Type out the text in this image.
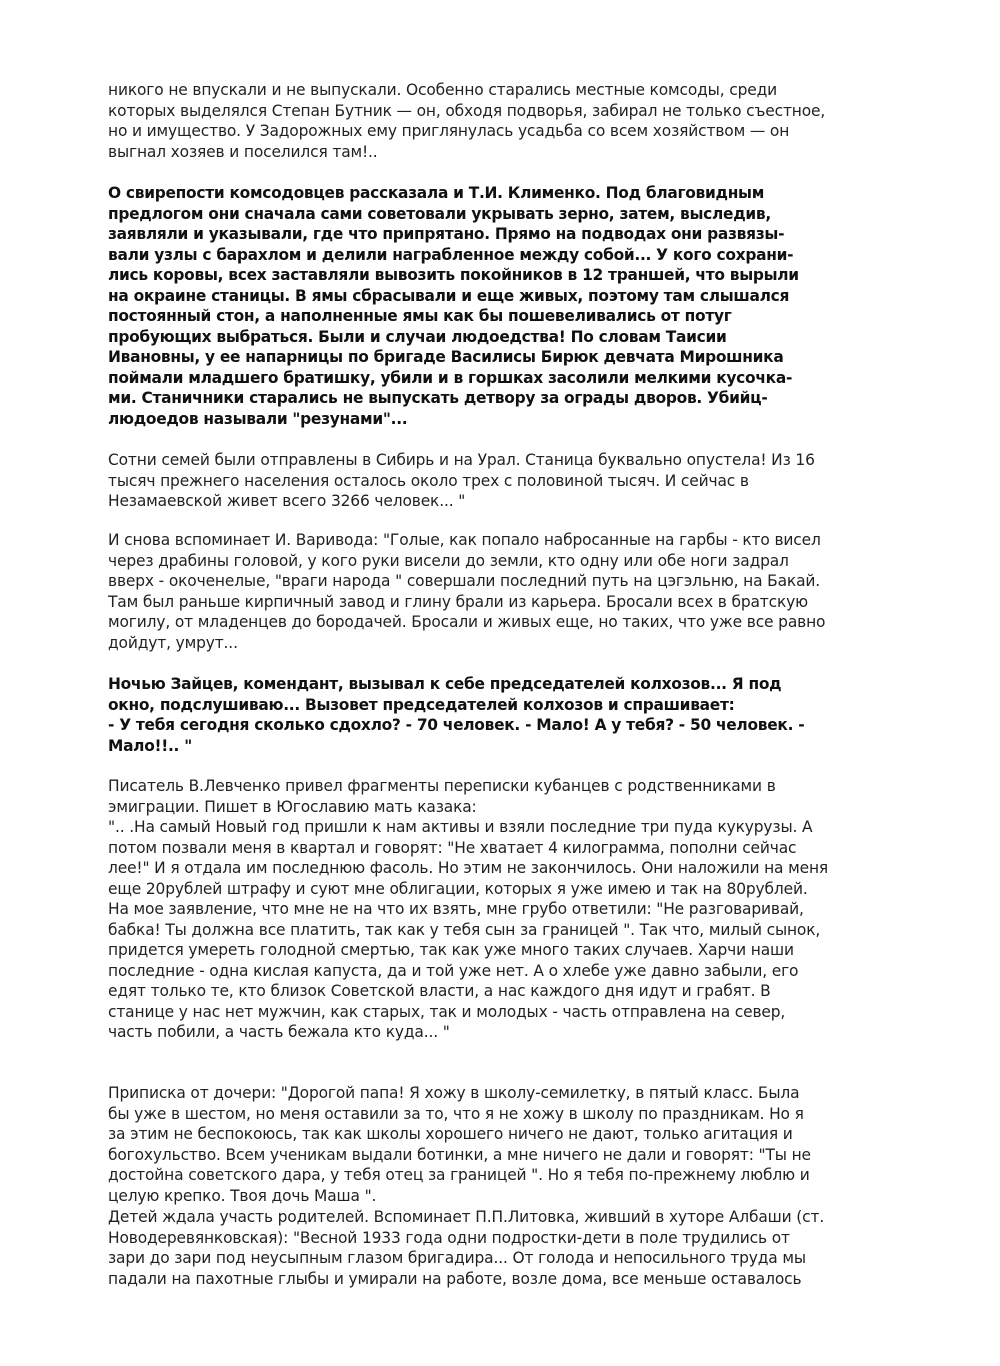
никого не впускали и не выпускали. Особенно старались местные комсоды, среди
которых выделялся Степан Бутник — он, обходя подворья, забирал не только съестное,
но и имущество. У Задорожных ему приглянулась усадьба со всем хозяйством — он
выгнал хозяев и поселился там!..
О свирепости комсодовцев рассказала и Т.И. Клименко. Под благовидным
предлогом они сначала сами советовали укрывать зерно, затем, выследив,
заявляли и указывали, где что припрятано. Прямо на подводах они развязы-
вали узлы с барахлом и делили награбленное между собой... У кого сохрани-
лись коровы, всех заставляли вывозить покойников в 12 траншей, что вырыли
на окраине станицы. В ямы сбрасывали и еще живых, поэтому там слышался
постоянный стон, а наполненные ямы как бы пошевеливались от потуг
пробующих выбраться. Были и случаи людоедства! По словам Таисии
Ивановны, у ее напарницы по бригаде Василисы Бирюк девчата Мирошника
поймали младшего братишку, убили и в горшках засолили мелкими кусочка-
ми. Станичники старались не выпускать детвору за ограды дворов. Убийц-
людоедов называли "резунами"...
Сотни семей были отправлены в Сибирь и на Урал. Станица буквально опустела! Из 16
тысяч прежнего населения осталось около трех с половиной тысяч. И сейчас в
Незамаевской живет всего 3266 человек... "
И снова вспоминает И. Варивода: "Голые, как попало набросанные на гарбы - кто висел
через драбины головой, у кого руки висели до земли, кто одну или обе ноги задрал
вверх - окоченелые, "враги народа " совершали последний путь на цэгэльню, на Бакай.
Там был раньше кирпичный завод и глину брали из карьера. Бросали всех в братскую
могилу, от младенцев до бородачей. Бросали и живых еще, но таких, что уже все равно
дойдут, умрут...
Ночью Зайцев, комендант, вызывал к себе председателей колхозов... Я под
окно, подслушиваю... Вызовет председателей колхозов и спрашивает:
- У тебя сегодня сколько сдохло? - 70 человек. - Мало! А у тебя? - 50 человек. -
Мало!!.. "
Писатель В.Левченко привел фрагменты переписки кубанцев с родственниками в
эмиграции. Пишет в Югославию мать казака:
".. .На самый Новый год пришли к нам активы и взяли последние три пуда кукурузы. А
потом позвали меня в квартал и говорят: "Не хватает 4 килограмма, пополни сейчас
лее!" И я отдала им последнюю фасоль. Но этим не закончилось. Они наложили на меня
еще 20рублей штрафу и суют мне облигации, которых я уже имею и так на 80рублей.
На мое заявление, что мне не на что их взять, мне грубо ответили: "Не разговаривай,
бабка! Ты должна все платить, так как у тебя сын за границей ". Так что, милый сынок,
придется умереть голодной смертью, так как уже много таких случаев. Харчи наши
последние - одна кислая капуста, да и той уже нет. А о хлебе уже давно забыли, его
едят только те, кто близок Советской власти, а нас каждого дня идут и грабят. В
станице у нас нет мужчин, как старых, так и молодых - часть отправлена на север,
часть побили, а часть бежала кто куда... "
Приписка от дочери: "Дорогой папа! Я хожу в школу-семилетку, в пятый класс. Была
бы уже в шестом, но меня оставили за то, что я не хожу в школу по праздникам. Но я
за этим не беспокоюсь, так как школы хорошего ничего не дают, только агитация и
богохульство. Всем ученикам выдали ботинки, а мне ничего не дали и говорят: "Ты не
достойна советского дара, у тебя отец за границей ". Но я тебя по-прежнему люблю и
целую крепко. Твоя дочь Маша ".
Детей ждала участь родителей. Вспоминает П.П.Литовка, живший в хуторе Албаши (ст.
Новодеревянковская): "Весной 1933 года одни подростки-дети в поле трудились от
зари до зари под неусыпным глазом бригадира... От голода и непосильного труда мы
падали на пахотные глыбы и умирали на работе, возле дома, все меньше оставалось
